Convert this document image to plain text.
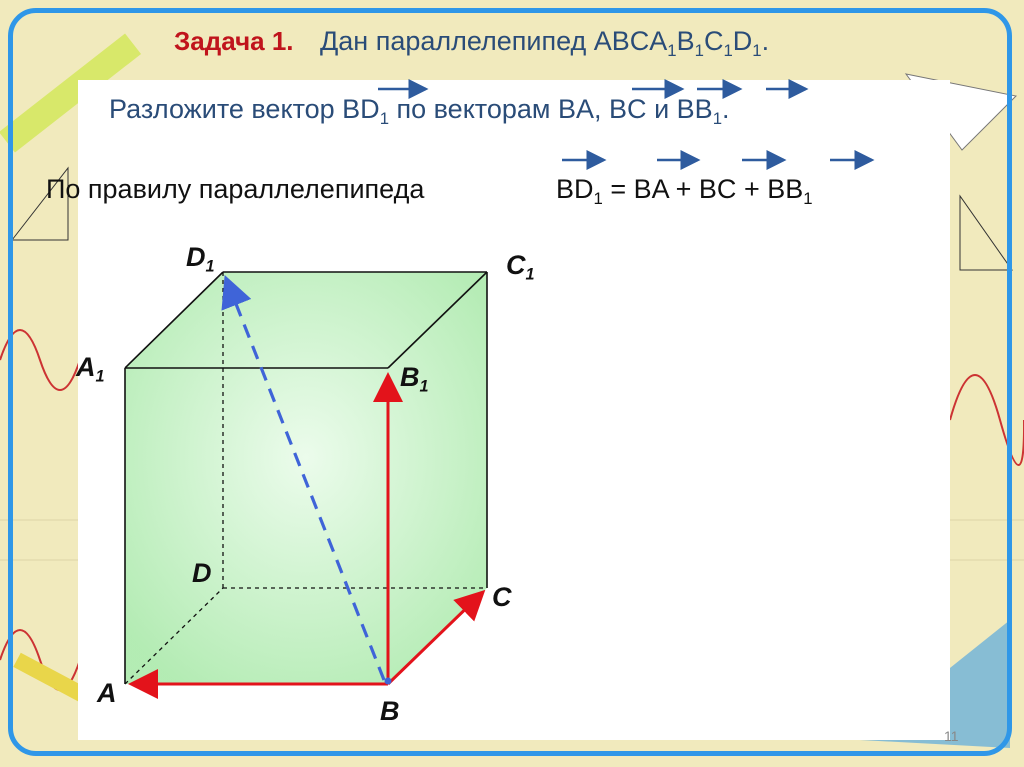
Задача 1. Дан параллелепипед $ABCA_1B_1C_1D_1$.
Разложите вектор $BD_1$ по векторам BA, BC и $BB_1$.
По правилу параллелепипеда	$BD_1$ = BA + BC + $BB_1$
$D_1$	$C_1$
$A_1$	$B_1$
D
C
A
B
11
